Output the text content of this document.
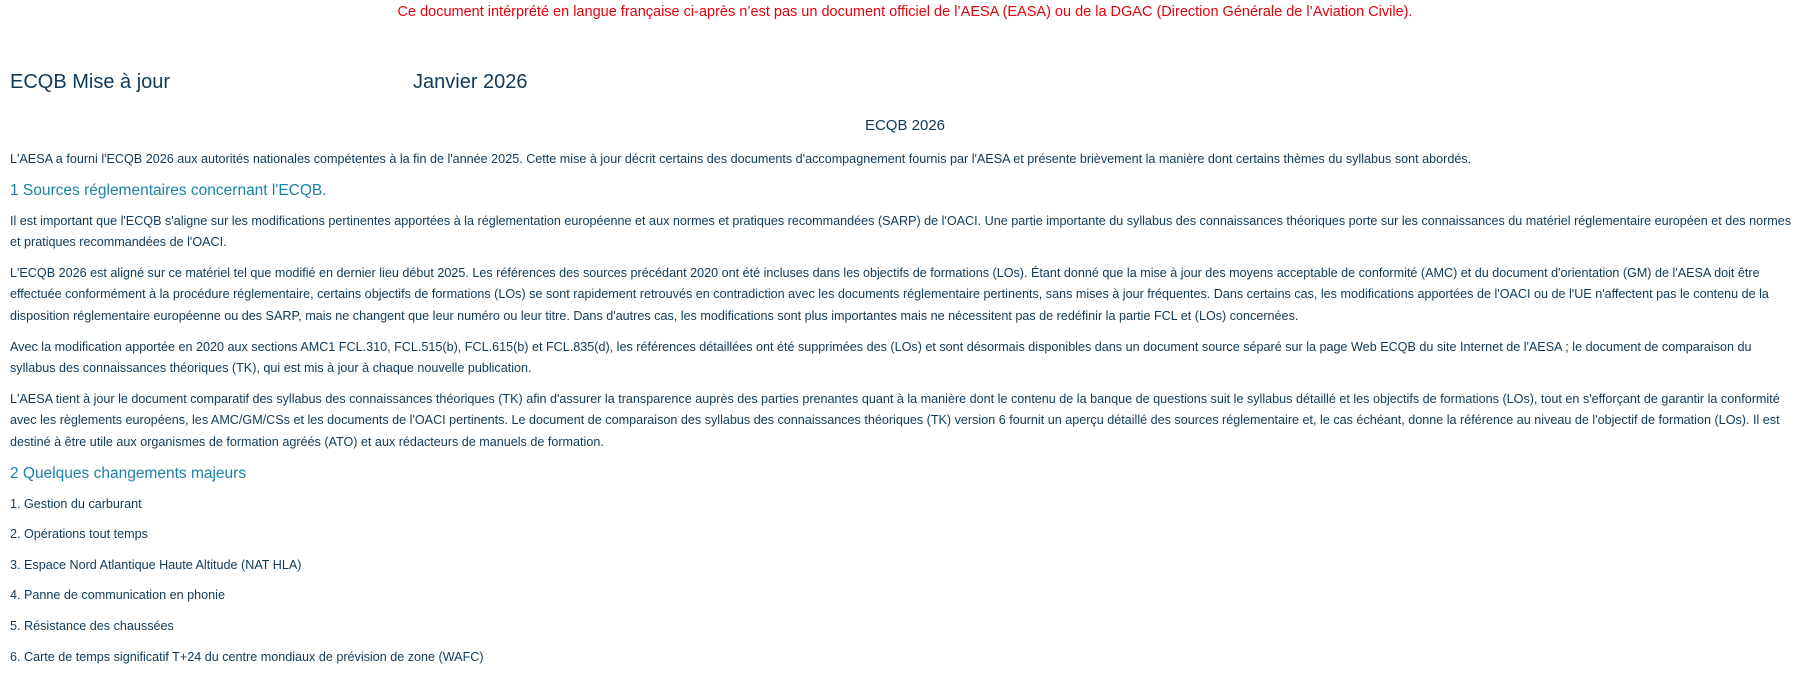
Ce document intérprété en langue française ci-après n’est pas un document officiel de l’AESA (EASA) ou de la DGAC (Direction Générale de l’Aviation Civile).
ECQB Mise à jour	Janvier 2026
ECQB 2026

L'AESA a fourni l'ECQB 2026 aux autorités nationales compétentes à la fin de l'année 2025. Cette mise à jour décrit certains des documents d'accompagnement fournis par l'AESA et présente brièvement la manière dont certains thèmes du syllabus sont abordés.

1 Sources réglementaires concernant l'ECQB.

Il est important que l'ECQB s'aligne sur les modifications pertinentes apportées à la réglementation européenne et aux normes et pratiques recommandées (SARP) de l'OACI. Une partie importante du syllabus des connaissances théoriques porte sur les connaissances du matériel réglementaire européen et des normes et pratiques recommandées de l'OACI.

L'ECQB 2026 est aligné sur ce matériel tel que modifié en dernier lieu début 2025. Les références des sources précédant 2020 ont été incluses dans les objectifs de formations (LOs). Étant donné que la mise à jour des moyens acceptable de conformité (AMC) et du document d'orientation (GM) de l'AESA doit être effectuée conformément à la procédure réglementaire, certains objectifs de formations (LOs) se sont rapidement retrouvés en contradiction avec les documents réglementaire pertinents, sans mises à jour fréquentes. Dans certains cas, les modifications apportées de l'OACI ou de l'UE n'affectent pas le contenu de la disposition réglementaire européenne ou des SARP, mais ne changent que leur numéro ou leur titre. Dans d'autres cas, les modifications sont plus importantes mais ne nécessitent pas de redéfinir la partie FCL et (LOs) concernées.

Avec la modification apportée en 2020 aux sections AMC1 FCL.310, FCL.515(b), FCL.615(b) et FCL.835(d), les références détaillées ont été supprimées des (LOs) et sont désormais disponibles dans un document source séparé sur la page Web ECQB du site Internet de l'AESA ; le document de comparaison du syllabus des connaissances théoriques (TK), qui est mis à jour à chaque nouvelle publication.

L'AESA tient à jour le document comparatif des syllabus des connaissances théoriques (TK) afin d'assurer la transparence auprès des parties prenantes quant à la manière dont le contenu de la banque de questions suit le syllabus détaillé et les objectifs de formations (LOs), tout en s'efforçant de garantir la conformité avec les règlements européens, les AMC/GM/CSs et les documents de l'OACI pertinents. Le document de comparaison des syllabus des connaissances théoriques (TK) version 6 fournit un aperçu détaillé des sources réglementaire et, le cas échéant, donne la référence au niveau de l'objectif de formation (LOs). Il est destiné à être utile aux organismes de formation agréés (ATO) et aux rédacteurs de manuels de formation.

2 Quelques changements majeurs
1. Gestion du carburant
2. Opérations tout temps
3. Espace Nord Atlantique Haute Altitude (NAT HLA)
4. Panne de communication en phonie
5. Résistance des chaussées
6. Carte de temps significatif T+24 du centre mondiaux de prévision de zone (WAFC)
